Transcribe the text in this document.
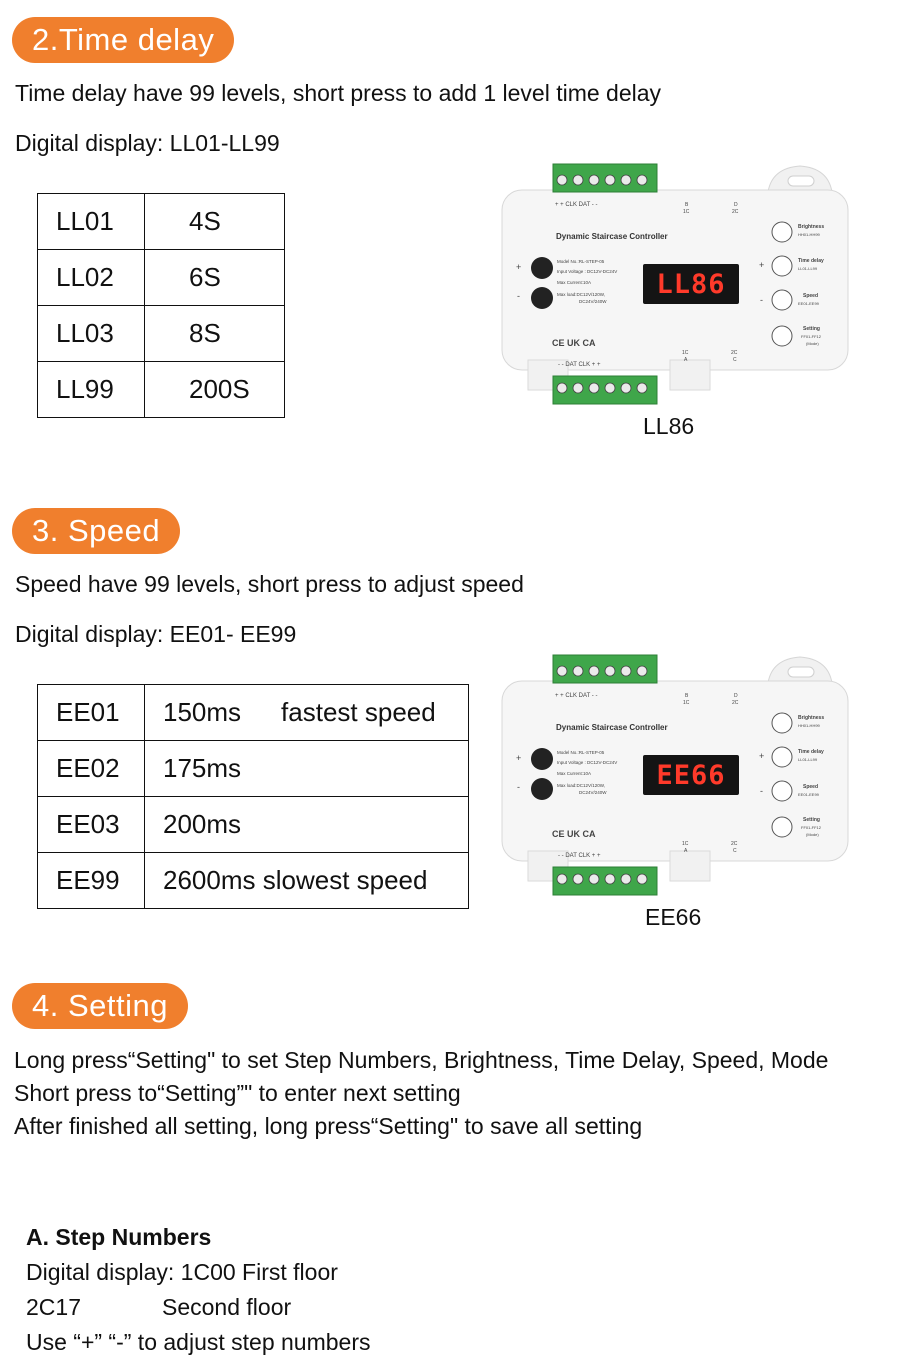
2.Time delay
Time delay have 99 levels, short press to add 1 level time delay
Digital display: LL01-LL99
LL01	4S
LL02	6S
LL03	8S
LL99	200S
+ + CLK DAT - -	B
1C
D
2C
Dynamic Staircase Controller
Model No.:RL-STEP-05
Input Voltage : DC12V-DC24V
Max Current:10A
Max load:DC12V/120W,
DC24V/240W
CE UK CA
- - DAT CLK + +
1C
A
2C
C
+
-	LL86
Brightness
HH01-HH99
Time delay
LL01-LL99
Speed
EE01-EE99
Setting
FF01-FF12
(Mode)
+
-
LL86
3. Speed
Speed have 99 levels, short press to adjust speed
Digital display: EE01- EE99
EE01	150ms fastest speed
EE02	175ms
EE03	200ms
EE99	2600ms slowest speed
+ + CLK DAT - -	B
1C
D
2C
Dynamic Staircase Controller
Model No.:RL-STEP-05
Input Voltage : DC12V-DC24V
Max Current:10A
Max load:DC12V/120W,
DC24V/240W
CE UK CA
- - DAT CLK + +
1C
A
2C
C
+
-	EE66
Brightness
HH01-HH99
Time delay
LL01-LL99
Speed
EE01-EE99
Setting
FF01-FF12
(Mode)
+
-
EE66
4. Setting
Long press“Setting" to set Step Numbers, Brightness, Time Delay, Speed, Mode
Short press to“Setting”" to enter next setting
After finished all setting, long press“Setting" to save all setting
A. Step Numbers
Digital display: 1C00 First floor
2C17	Second floor
Use “+” “-” to adjust step numbers
